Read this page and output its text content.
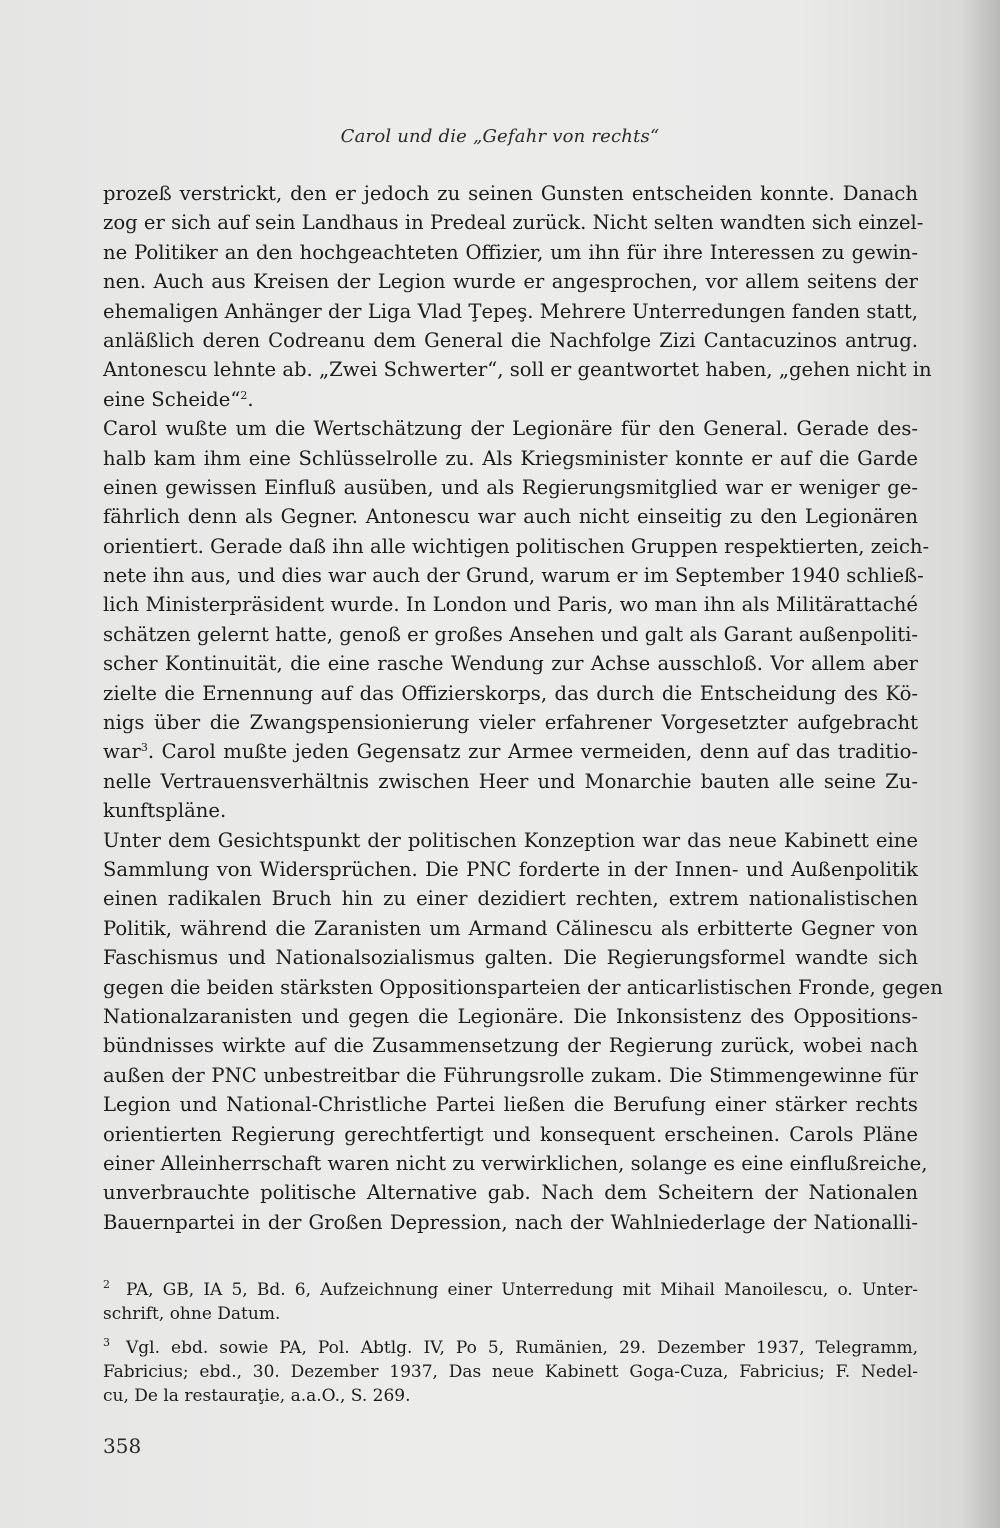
Carol und die „Gefahr von rechts“
prozeß verstrickt, den er jedoch zu seinen Gunsten entscheiden konnte. Danach
zog er sich auf sein Landhaus in Predeal zurück. Nicht selten wandten sich einzel-
ne Politiker an den hochgeachteten Offizier, um ihn für ihre Interessen zu gewin-
nen. Auch aus Kreisen der Legion wurde er angesprochen, vor allem seitens der
ehemaligen Anhänger der Liga Vlad Ţepeş. Mehrere Unterredungen fanden statt,
anläßlich deren Codreanu dem General die Nachfolge Zizi Cantacuzinos antrug.
Antonescu lehnte ab. „Zwei Schwerter“, soll er geantwortet haben, „gehen nicht in
eine Scheide“$^2$.
Carol wußte um die Wertschätzung der Legionäre für den General. Gerade des-
halb kam ihm eine Schlüsselrolle zu. Als Kriegsminister konnte er auf die Garde
einen gewissen Einfluß ausüben, und als Regierungsmitglied war er weniger ge-
fährlich denn als Gegner. Antonescu war auch nicht einseitig zu den Legionären
orientiert. Gerade daß ihn alle wichtigen politischen Gruppen respektierten, zeich-
nete ihn aus, und dies war auch der Grund, warum er im September 1940 schließ-
lich Ministerpräsident wurde. In London und Paris, wo man ihn als Militärattaché
schätzen gelernt hatte, genoß er großes Ansehen und galt als Garant außenpoliti-
scher Kontinuität, die eine rasche Wendung zur Achse ausschloß. Vor allem aber
zielte die Ernennung auf das Offizierskorps, das durch die Entscheidung des Kö-
nigs über die Zwangspensionierung vieler erfahrener Vorgesetzter aufgebracht
war$^3$. Carol mußte jeden Gegensatz zur Armee vermeiden, denn auf das traditio-
nelle Vertrauensverhältnis zwischen Heer und Monarchie bauten alle seine Zu-
kunftspläne.
Unter dem Gesichtspunkt der politischen Konzeption war das neue Kabinett eine
Sammlung von Widersprüchen. Die PNC forderte in der Innen- und Außenpolitik
einen radikalen Bruch hin zu einer dezidiert rechten, extrem nationalistischen
Politik, während die Zaranisten um Armand Călinescu als erbitterte Gegner von
Faschismus und Nationalsozialismus galten. Die Regierungsformel wandte sich
gegen die beiden stärksten Oppositionsparteien der anticarlistischen Fronde, gegen
Nationalzaranisten und gegen die Legionäre. Die Inkonsistenz des Oppositions-
bündnisses wirkte auf die Zusammensetzung der Regierung zurück, wobei nach
außen der PNC unbestreitbar die Führungsrolle zukam. Die Stimmengewinne für
Legion und National-Christliche Partei ließen die Berufung einer stärker rechts
orientierten Regierung gerechtfertigt und konsequent erscheinen. Carols Pläne
einer Alleinherrschaft waren nicht zu verwirklichen, solange es eine einflußreiche,
unverbrauchte politische Alternative gab. Nach dem Scheitern der Nationalen
Bauernpartei in der Großen Depression, nach der Wahlniederlage der Nationalli-
$^2$ PA, GB, IA 5, Bd. 6, Aufzeichnung einer Unterredung mit Mihail Manoilescu, o. Unter-
schrift, ohne Datum.
$^3$ Vgl. ebd. sowie PA, Pol. Abtlg. IV, Po 5, Rumänien, 29. Dezember 1937, Telegramm,
Fabricius; ebd., 30. Dezember 1937, Das neue Kabinett Goga-Cuza, Fabricius; F. Nedel-
cu, De la restauraţie, a.a.O., S. 269.
358
